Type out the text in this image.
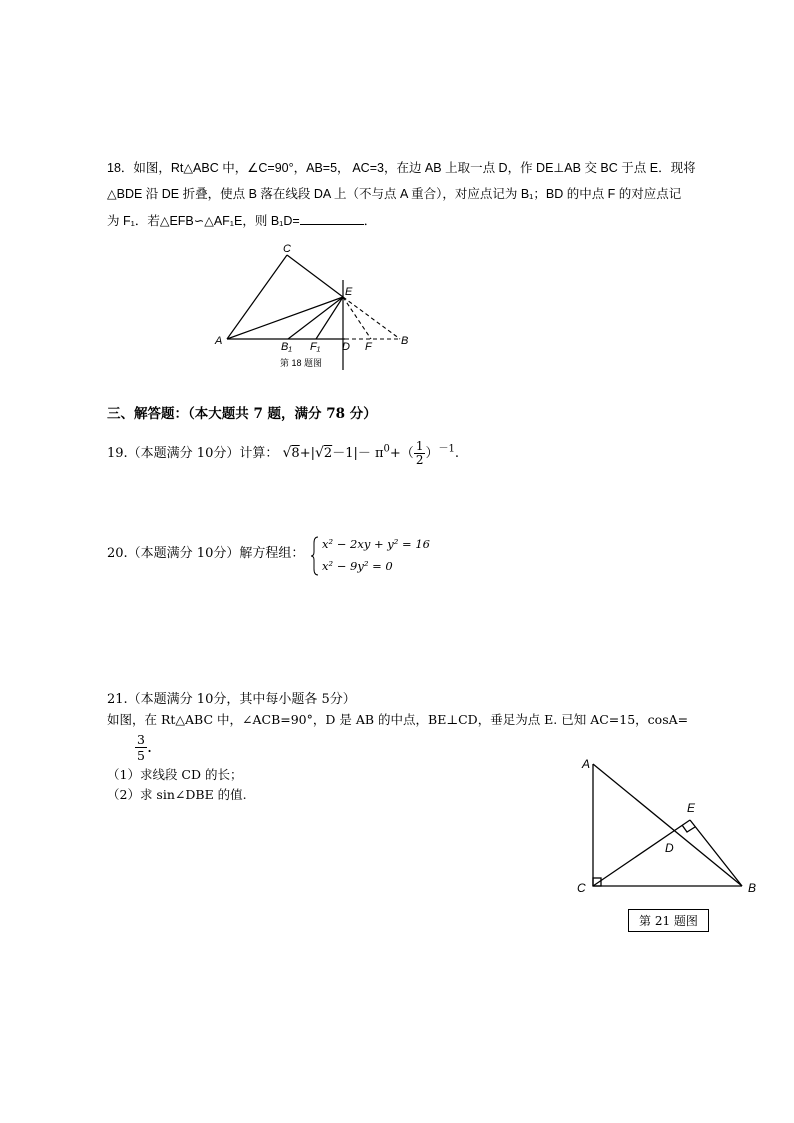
18．如图，Rt△ABC 中，∠C=90°，AB=5， AC=3，在边 AB 上取一点 D，作 DE⊥AB 交 BC 于点 E．现将
△BDE 沿 DE 折叠，使点 B 落在线段 DA 上（不与点 A 重合），对应点记为 B₁；BD 的中点 F 的对应点记
为 F₁．若△EFB∽△AF₁E，则 B₁D=	．
C
E
A	B₁ F₁ D F	B
第 18 题图
三、解答题：（本大题共 7 题，满分 78 分）
19.（本题满分 10分）计算： $√8+|√2-1|- \pi^0+( \frac{1}{2} )^{-1}$.
20.（本题满分 10分）解方程组：
x² − 2xy + y² = 16
x² − 9y² = 0
21.（本题满分 10分，其中每小题各 5分）
如图，在 Rt△ABC 中，∠ACB=90°，D 是 AB 的中点，BE⊥CD，垂足为点 E. 已知 AC=15，cosA=
$\frac{3}{5}$ .
（1）求线段 CD 的长；
（2）求 sin∠DBE 的值.
A
E
D
C	B
第 21 题图
